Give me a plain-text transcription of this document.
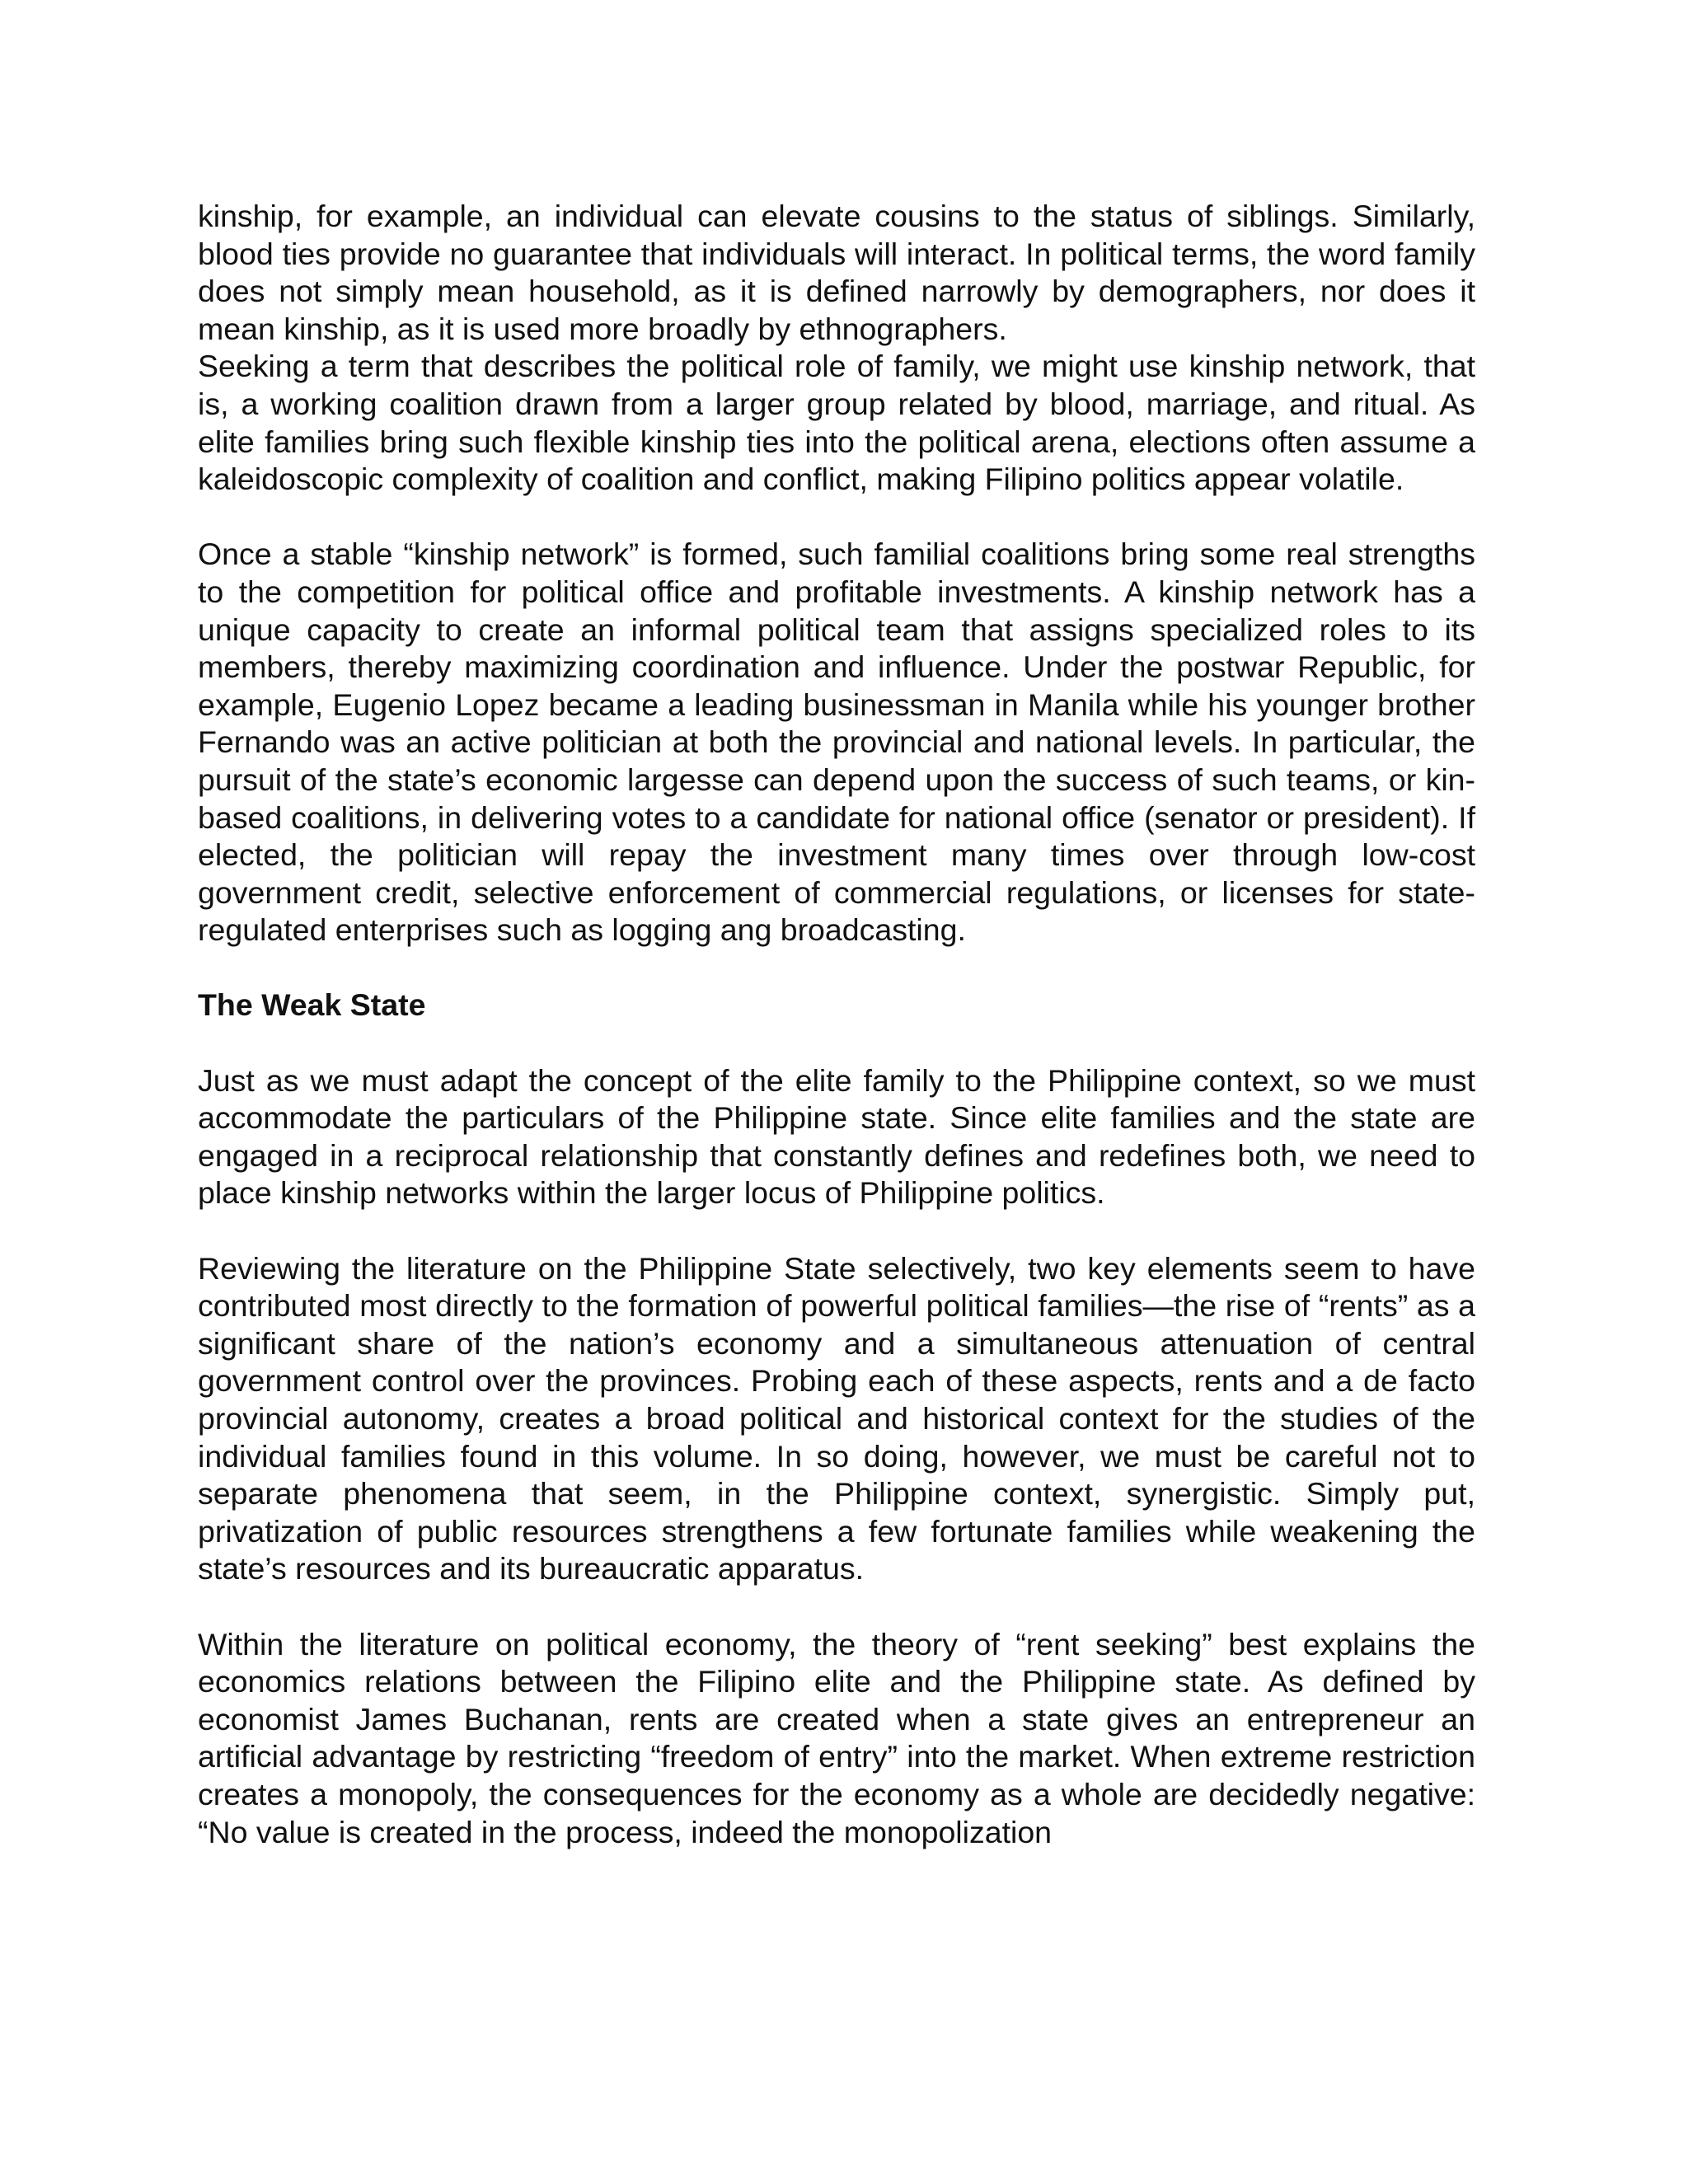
kinship, for example, an individual can elevate cousins to the status of siblings. Similarly, blood ties provide no guarantee that individuals will interact. In political terms, the word family does not simply mean household, as it is defined narrowly by demographers, nor does it mean kinship, as it is used more broadly by ethnographers.

Seeking a term that describes the political role of family, we might use kinship network, that is, a working coalition drawn from a larger group related by blood, marriage, and ritual. As elite families bring such flexible kinship ties into the political arena, elections often assume a kaleidoscopic complexity of coalition and conflict, making Filipino politics appear volatile.

Once a stable “kinship network” is formed, such familial coalitions bring some real strengths to the competition for political office and profitable investments. A kinship network has a unique capacity to create an informal political team that assigns specialized roles to its members, thereby maximizing coordination and influence. Under the postwar Republic, for example, Eugenio Lopez became a leading businessman in Manila while his younger brother Fernando was an active politician at both the provincial and national levels. In particular, the pursuit of the state’s economic largesse can depend upon the success of such teams, or kin-based coalitions, in delivering votes to a candidate for national office (senator or president). If elected, the politician will repay the investment many times over through low-cost government credit, selective enforcement of commercial regulations, or licenses for state-regulated enterprises such as logging ang broadcasting.

The Weak State

Just as we must adapt the concept of the elite family to the Philippine context, so we must accommodate the particulars of the Philippine state. Since elite families and the state are engaged in a reciprocal relationship that constantly defines and redefines both, we need to place kinship networks within the larger locus of Philippine politics.

Reviewing the literature on the Philippine State selectively, two key elements seem to have contributed most directly to the formation of powerful political families—the rise of “rents” as a significant share of the nation’s economy and a simultaneous attenuation of central government control over the provinces. Probing each of these aspects, rents and a de facto provincial autonomy, creates a broad political and historical context for the studies of the individual families found in this volume. In so doing, however, we must be careful not to separate phenomena that seem, in the Philippine context, synergistic. Simply put, privatization of public resources strengthens a few fortunate families while weakening the state’s resources and its bureaucratic apparatus.

Within the literature on political economy, the theory of “rent seeking” best explains the economics relations between the Filipino elite and the Philippine state. As defined by economist James Buchanan, rents are created when a state gives an entrepreneur an artificial advantage by restricting “freedom of entry” into the market. When extreme restriction creates a monopoly, the consequences for the economy as a whole are decidedly negative: “No value is created in the process, indeed the monopolization
